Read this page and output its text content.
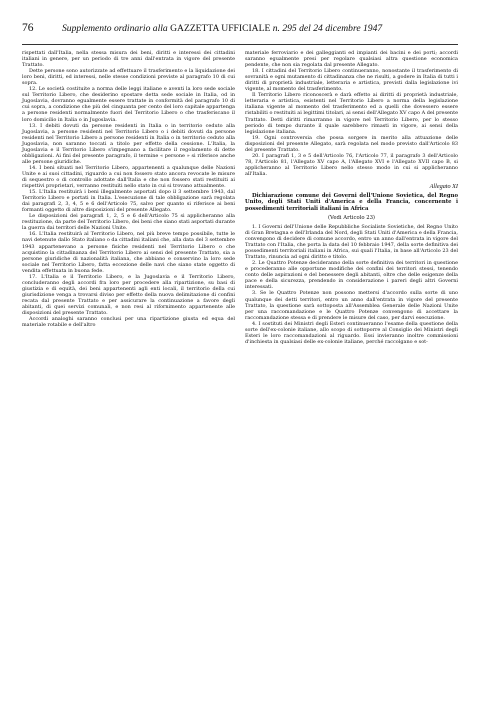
76	Supplemento ordinario alla GAZZETTA UFFICIALE n. 295 del 24 dicembre 1947

rispettati dall'Italia, nella stessa misura dei beni, diritti e interessi dei cittadini italiani in genere, per un periodo di tre anni dall'entrata in vigore del presente Trattato.

Dette persone sono autorizzate ad effettuare il trasferimento e la liquidazione dei loro beni, diritti, ed interessi, nelle stesse condizioni previste al paragrafo 10 di cui sopra.

12. Le società costituite a norma delle leggi italiane e aventi la loro sede sociale sul Territorio Libero, che desiderino spostare detta sede sociale in Italia, od in Jugoslavia, dovranno egualmente essere trattate in conformità del paragrafo 10 di cui sopra, a condizione che più del cinquanta per cento del loro capitale appartenga a persone residenti normalmente fuori del Territorio Libero o che trasferiscano il loro domicilio in Italia o in Jugoslavia.

13. I debiti dovuti da persone residenti in Italia o in territorio ceduto alla Jugoslavia, a persone residenti nel Territorio Libero o i debiti dovuti da persone residenti nel Territorio Libero a persone residenti in Italia o in territorio ceduto alla Jugoslavia, non saranno toccati a titolo per effetto della cessione. L'Italia, la Jugoslavia e il Territorio Libero s'impegnano a facilitare il regolamento di dette obbligazioni. Ai fini del presente paragrafo, il termine « persone » si riferisce anche alle persone giuridiche.

14. I beni situati nel Territorio Libero, appartenenti a qualunque delle Nazioni Unite e ai suoi cittadini, riguardo a cui non fossero stato ancora revocate le misure di sequestro o di controllo adottate dall'Italia e che non fossero stati restituiti ai rispettivi proprietari, verranno restituiti nello stato in cui si trovano attualmente.

15. L'Italia restituirà i beni illegalmente asportati dopo il 3 settembre 1943, dal Territorio Libero e portati in Italia. L'esecuzione di tale obbligazione sarà regolata dai paragrafi 2, 3, 4, 5 e 6 dell'Articolo 75, salvo per quanto si riferisce ai beni formanti oggetto di altre disposizioni del presente Allegato.

Le disposizioni dei paragrafi 1, 2, 5 e 6 dell'Articolo 75 si applicheranno alla restituzione, da parte del Territorio Libero, dei beni che siano stati asportati durante la guerra dai territori delle Nazioni Unite.

16. L'Italia restituirà al Territorio Libero, nel più breve tempo possibile, tutte le navi detenute dallo Stato italiano o da cittadini italiani che, alla data del 3 settembre 1943 appartenevano a persone fisiche residenti nel Territorio Libero o che acquistino la cittadinanza del Territorio Libero ai sensi del presente Trattato, sia a persone giuridiche di nazionalità italiana, che abbiano e conservino la loro sede sociale nel Territorio Libero, fatta eccezione delle navi che siano state oggetto di vendita effettuata in buona fede.

17. L'Italia e il Territorio Libero, e la Jugoslavia e il Territorio Libero, concluderanno degli accordi fra loro per procedere alla ripartizione, su basi di giustizia e di equità, dei beni appartenenti agli enti locali, il territorio della cui giurisdizione venga a trovarsi diviso per effetto della nuova delimitazione di confini recata dal presente Trattato e per assicurare la continuazione a favore degli abitanti, di quei servizi comunali, e non resi al rifornimento appartenente alle disposizioni del presente Trattato.

Accordi analoghi saranno conclusi per una ripartizione giusta ed equa del materiale rotabile e dell'altro

materiale ferroviario e dei galleggianti ed impianti dei bacini e dei porti; accordi saranno egualmente presi per regolare qualsiasi altra questione economica pendente, che non sia regolata dal presente Allegato.

18. I cittadini del Territorio Libero continueranno, nonostante il trasferimento di sovranità e ogni mutamento di cittadinanza che ne risulti, a godere in Italia di tutti i diritti di proprietà industriale, letteraria e artistica, previsti dalla legislazione ivi vigente, al momento del trasferimento.

Il Territorio Libero riconoscerà e darà effetto ai diritti di proprietà industriale, letteraria e artistica, esistenti nel Territorio Libero a norma della legislazione italiana vigente al momento del trasferimento ed a quelli che dovessero essere ristabiliti o restituiti ai legittimi titolari, ai sensi dell'Allegato XV capo A del presente Trattato. Detti diritti rimarranno in vigore nel Territorio Libero, per lo stesso periodo di tempo durante il quale sarebbero rimasti in vigore, ai sensi della legislazione italiana.

19. Ogni controversia che possa sorgere in merito alla attuazione delle disposizioni del presente Allegato, sarà regolata nel modo previsto dall'Articolo 83 del presente Trattato.

20. I paragrafi 1, 3 e 5 dell'Articolo 76, l'Articolo 77, il paragrafo 3 dell'Articolo 78, l'Articolo 81, l'Allegato XV capo A, l'Allegato XVI e l'Allegato XVII capo B, si applicheranno al Territorio Libero nello stesso modo in cui si applicheranno all'Italia.

Allegato XI

Dichiarazione comune dei Governi dell'Unione Sovietica, del Regno Unito, degli Stati Uniti d'America e della Francia, concernente i possedimenti territoriali italiani in Africa

(Vedi Articolo 23)

1. I Governi dell'Unione delle Repubbliche Socialiste Sovietiche, del Regno Unito di Gran Bretagna e dell'Irlanda del Nord, degli Stati Uniti d'America e della Francia, convengono di decidere di comune accordo, entro un anno dall'entrata in vigore del Trattato con l'Italia, che porta la data del 10 febbraio 1947, della sorte definitiva dei possedimenti territoriali italiani in Africa, sui quali l'Italia, in base all'Articolo 23 del Trattato, rinuncia ad ogni diritto e titolo.

2. Le Quattro Potenze decideranno della sorte definitiva dei territori in questione e procederanno alle opportune modifiche dei confini dei territori stessi, tenendo conto delle aspirazioni e del benessere degli abitanti, oltre che delle esigenze della pace e della sicurezza, prendendo in considerazione i pareri degli altri Governi interessati.

3. Se le Quattro Potenze non possono mettersi d'accordo sulla sorte di uno qualunque dei detti territori, entro un anno dall'entrata in vigore del presente Trattato, la questione sarà sottoposta all'Assemblea Generale delle Nazioni Unite per una raccomandazione e le Quattro Potenze convengono di accettare la raccomandazione stessa e di prendere le misure del caso, per darvi esecuzione.

4. I sostituti dei Ministri degli Esteri continueranno l'esame della questione della sorte dell'ex-colonie italiane, allo scopo di sottoporre al Consiglio dei Ministri degli Esteri le loro raccomandazioni al riguardo. Essi invieranno inoltre commissioni d'inchiesta in qualsiasi delle ex-colonie italiane, perché raccolgano e sot-
